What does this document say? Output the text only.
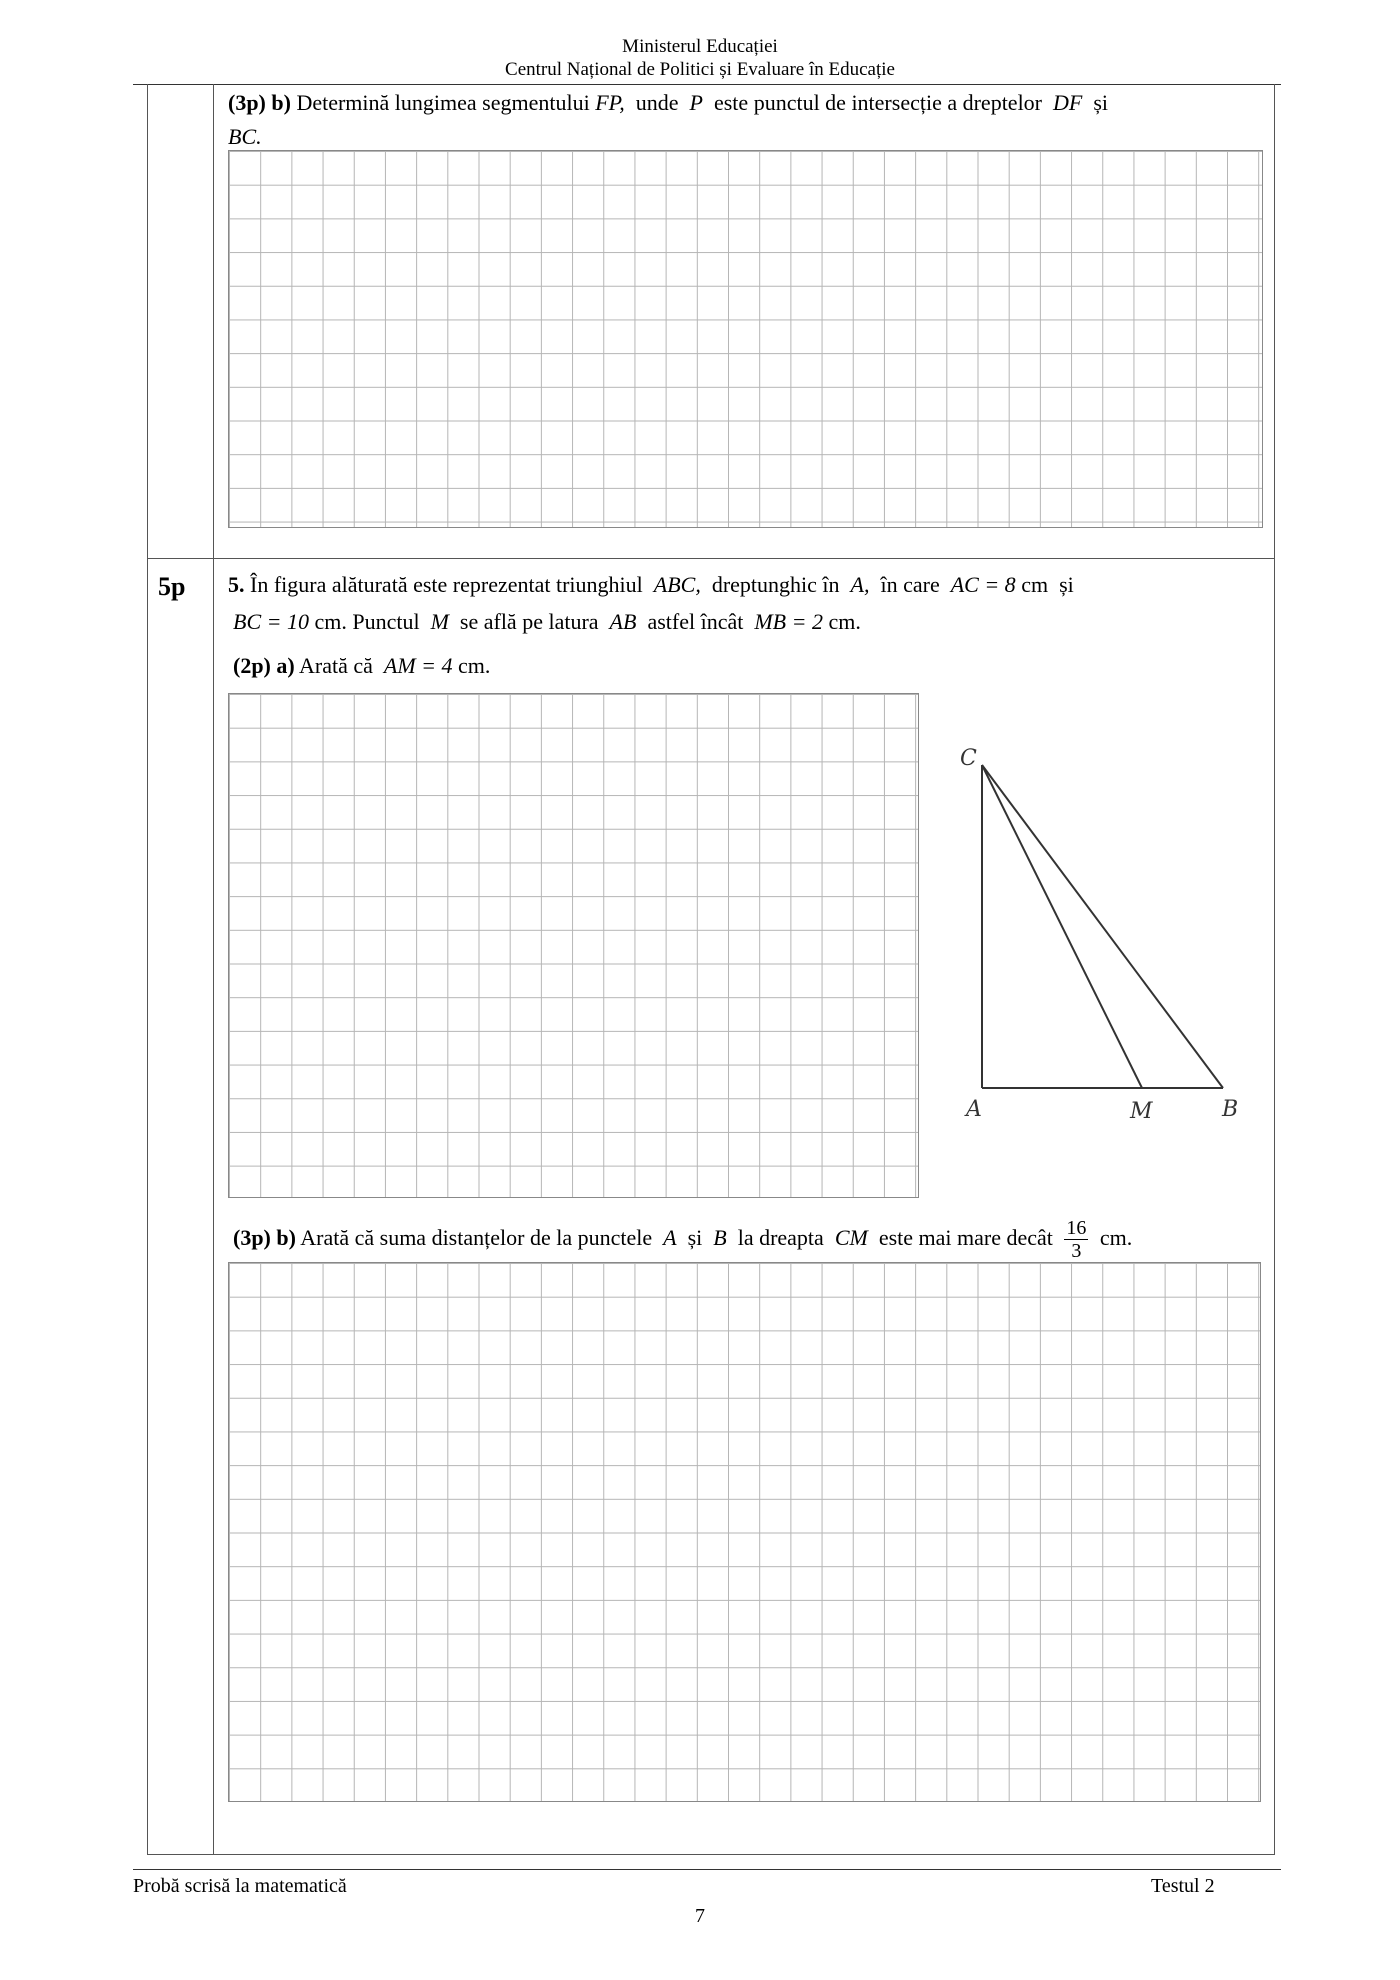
Ministerul Educației
Centrul Național de Politici și Evaluare în Educație
(3p) b) Determină lungimea segmentului FP, unde P este punctul de intersecție a dreptelor DF și
BC.
5p 5. În figura alăturată este reprezentat triunghiul ABC, dreptunghic în A, în care AC = 8 cm și
BC = 10 cm. Punctul M se află pe latura AB astfel încât MB = 2 cm.
(2p) a) Arată că AM = 4 cm.
C
A	M	B
(3p) b) Arată că suma distanțelor de la punctele A și B la dreapta CM este mai mare decât $\frac{16}{3}$ cm.
Probă scrisă la matematică	Testul 2
7
